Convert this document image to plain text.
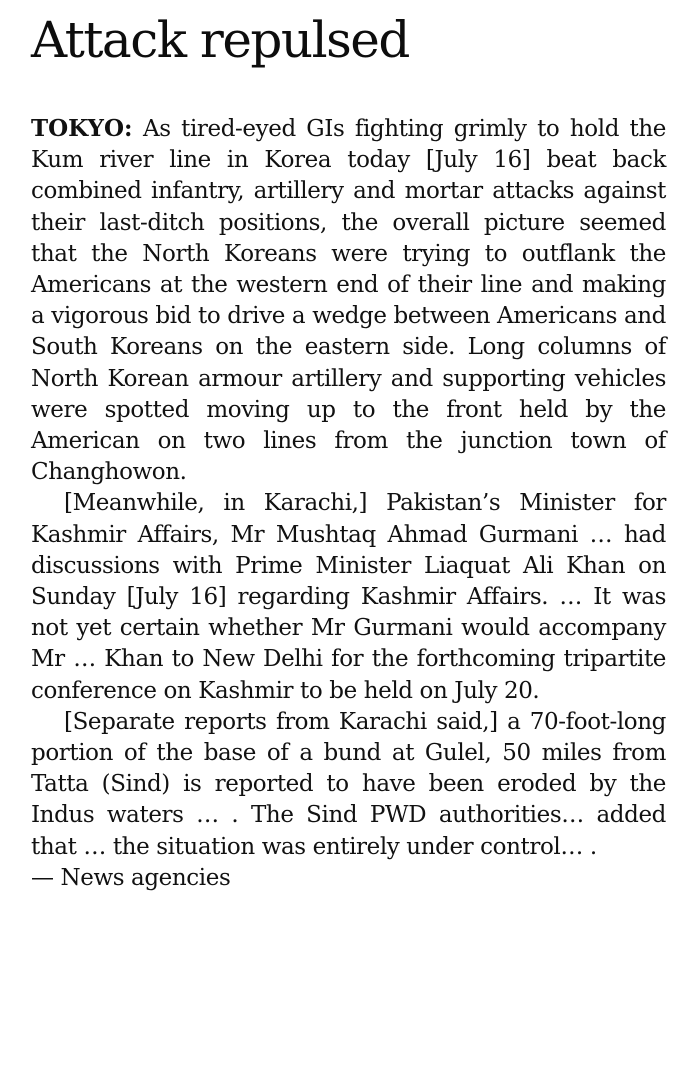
Attack repulsed

TOKYO: As tired-eyed GIs fighting grimly to hold the Kum river line in Korea today [July 16] beat back combined infantry, artillery and mortar attacks against their last-ditch positions, the overall picture seemed that the North Koreans were trying to outflank the Americans at the western end of their line and making a vigorous bid to drive a wedge between Americans and South Koreans on the eastern side. Long columns of North Korean armour artillery and supporting vehicles were spotted moving up to the front held by the American on two lines from the junction town of Changhowon.

[Meanwhile, in Karachi,] Pakistan’s Minister for Kashmir Affairs, Mr Mushtaq Ahmad Gurmani … had discussions with Prime Minister Liaquat Ali Khan on Sunday [July 16] regarding Kashmir Affairs. … It was not yet certain whether Mr Gurmani would accompany Mr … Khan to New Delhi for the forthcoming tripartite conference on Kashmir to be held on July 20.

[Separate reports from Karachi said,] a 70-foot-long portion of the base of a bund at Gulel, 50 miles from Tatta (Sind) is reported to have been eroded by the Indus waters … . The Sind PWD authorities… added that … the situation was entirely under control… .

— News agencies
